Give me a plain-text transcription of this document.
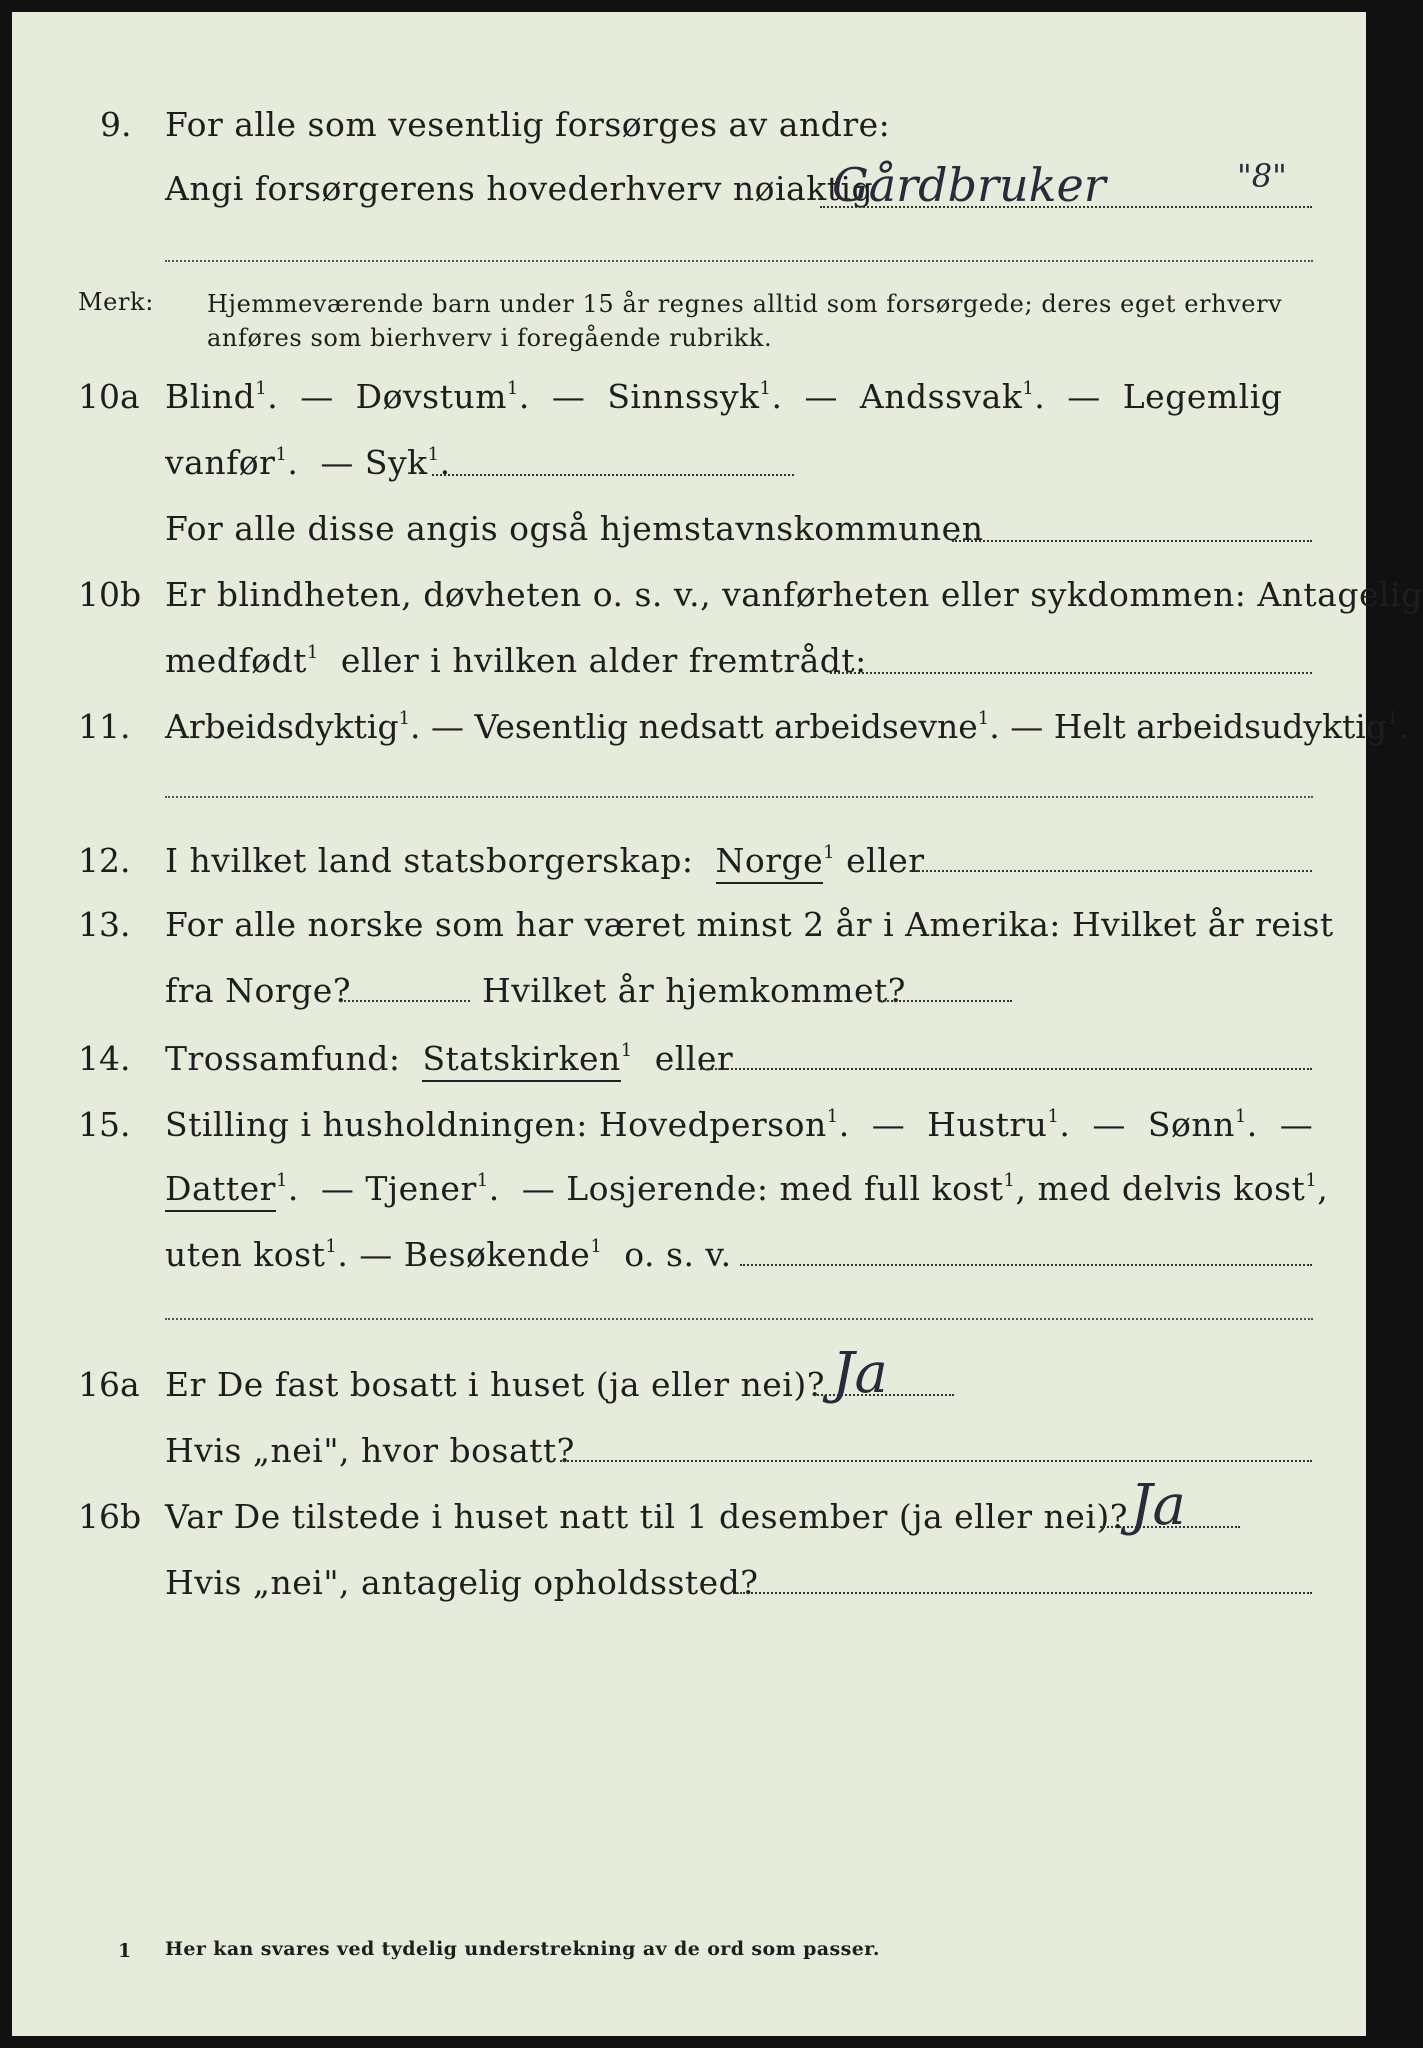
9. For alle som vesentlig forsørges av andre:
Angi forsørgerens hovederhverv nøiaktig
Gårdbruker	"8"
Merk: Hjemmeværende barn under 15 år regnes alltid som forsørgede; deres eget erhverv
anføres som bierhverv i foregående rubrikk.
10a Blind$^1$.  — Døvstum$^1$.  — Sinnssyk$^1$.  — Andssvak$^1$.  — Legemlig
vanfør$^1$.  — Syk$^1$.
For alle disse angis også hjemstavnskommunen
10b Er blindheten, døvheten o. s. v., vanførheten eller sykdommen: Antagelig
medfødt$^1$ eller i hvilken alder fremtrådt:
11. Arbeidsdyktig$^1$. — Vesentlig nedsatt arbeidsevne$^1$. — Helt arbeidsudyktig$^1$.
12. I hvilket land statsborgerskap: Norge$^1$ eller
13. For alle norske som har været minst 2 år i Amerika: Hvilket år reist
fra Norge?	Hvilket år hjemkommet?
14. Trossamfund: Statskirken$^1$ eller
15. Stilling i husholdningen: Hovedperson$^1$.  — Hustru$^1$.  — Sønn$^1$.  —
Datter$^1$.  — Tjener$^1$.  — Losjerende: med full kost$^1$, med delvis kost$^1$,
uten kost$^1$. — Besøkende$^1$ o. s. v.
16a Er De fast bosatt i huset (ja eller nei)? Ja
Hvis „nei", hvor bosatt?
16b Var De tilstede i huset natt til 1 desember (ja eller nei)? Ja
Hvis „nei", antagelig opholdssted?
1 Her kan svares ved tydelig understrekning av de ord som passer.
